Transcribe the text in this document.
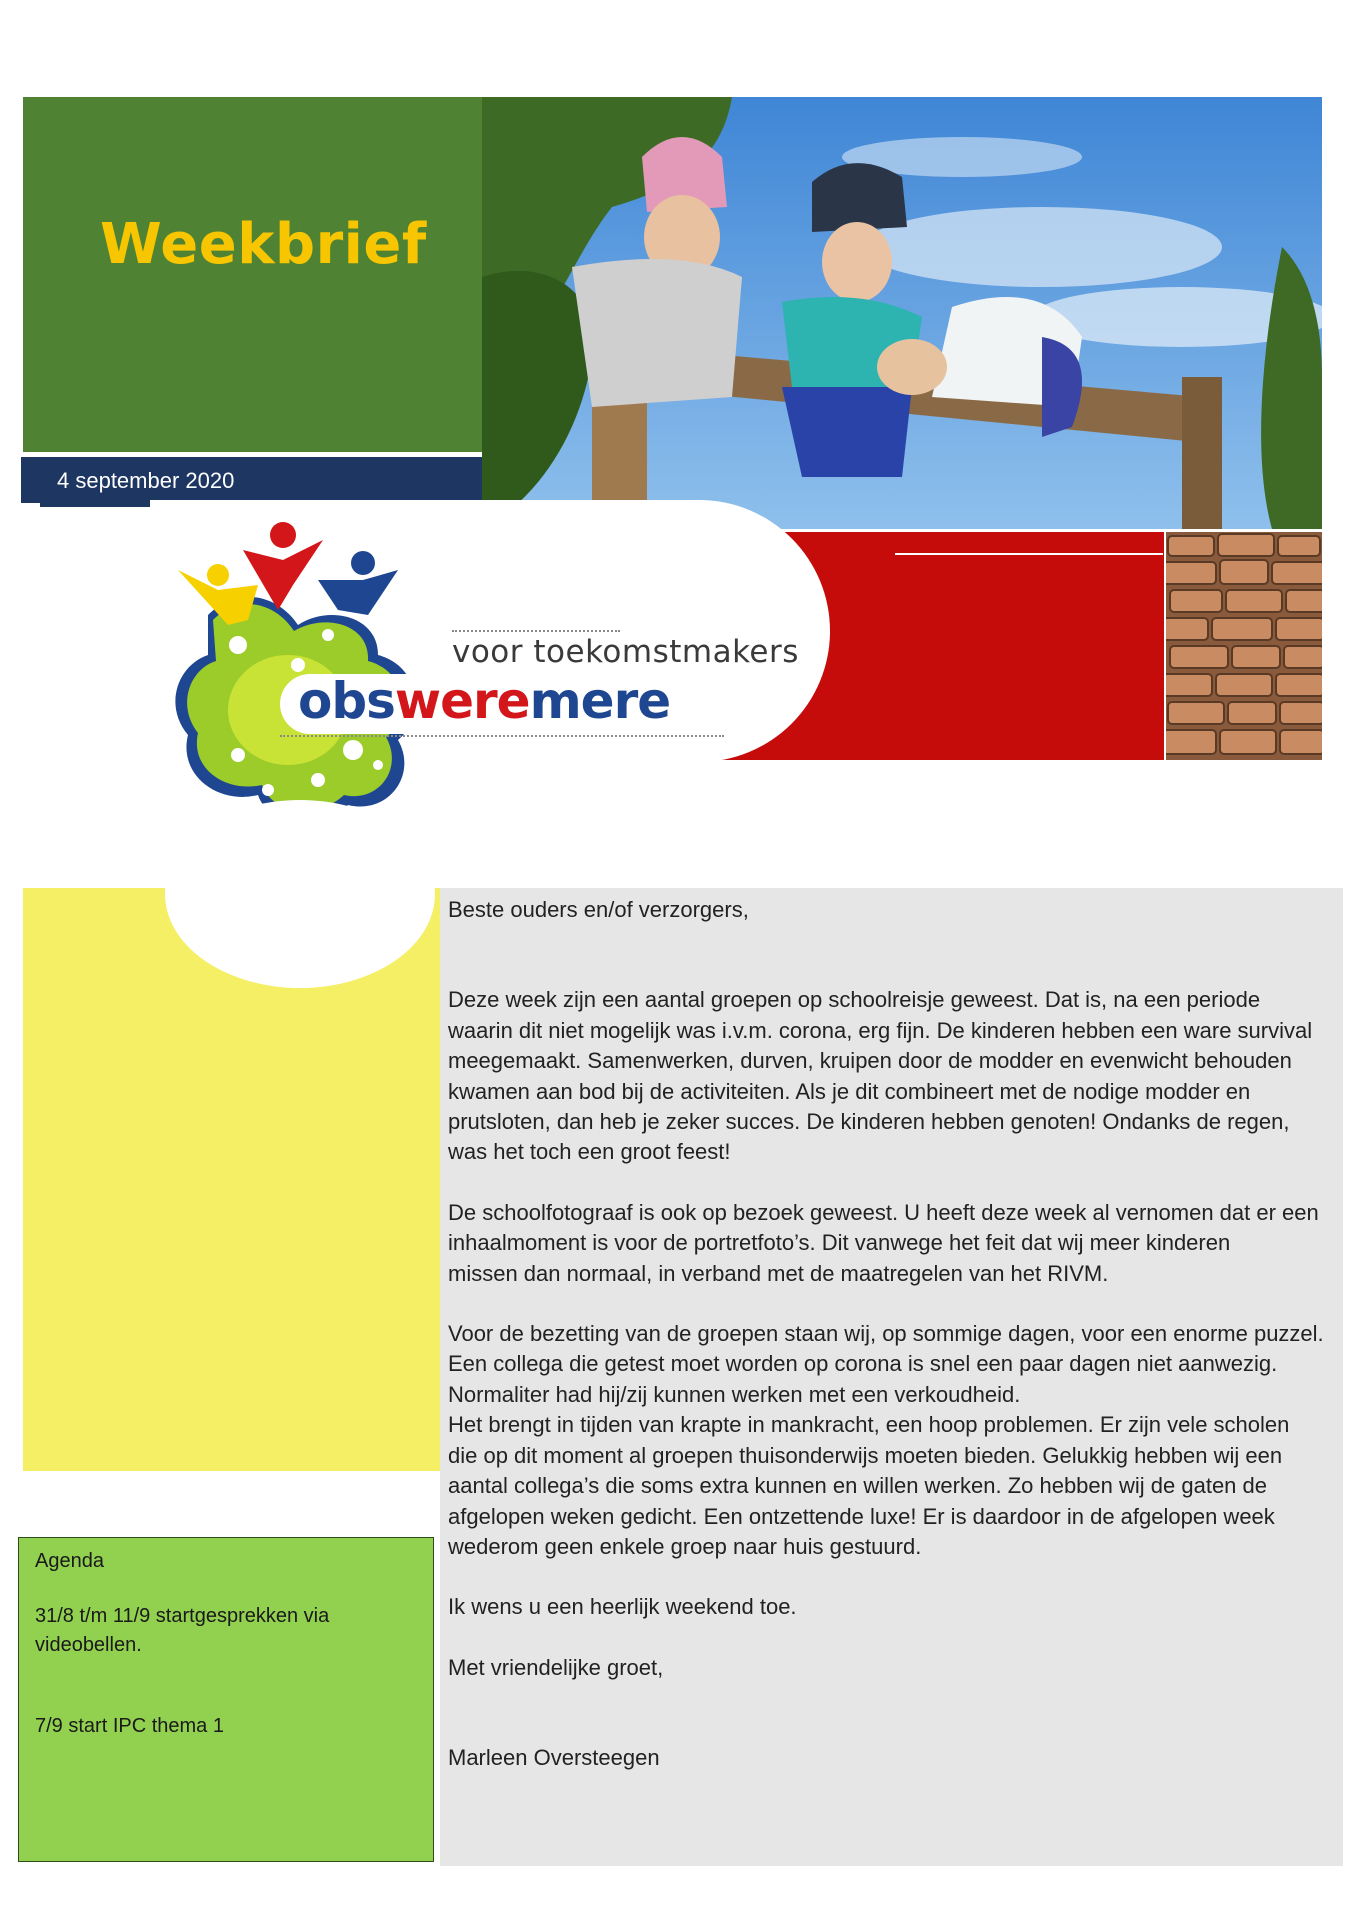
Weekbrief
4 september 2020
voor toekomstmakers
obsweremere
Agenda
31/8 t/m 11/9 startgesprekken via
videobellen.
7/9 start IPC thema 1

Beste ouders en/of verzorgers,

Deze week zijn een aantal groepen op schoolreisje geweest. Dat is, na een periode

waarin dit niet mogelijk was i.v.m. corona, erg fijn. De kinderen hebben een ware survival

meegemaakt. Samenwerken, durven, kruipen door de modder en evenwicht behouden

kwamen aan bod bij de activiteiten. Als je dit combineert met de nodige modder en

prutsloten, dan heb je zeker succes. De kinderen hebben genoten! Ondanks de regen,

was het toch een groot feest!

De schoolfotograaf is ook op bezoek geweest. U heeft deze week al vernomen dat er een

inhaalmoment is voor de portretfoto’s. Dit vanwege het feit dat wij meer kinderen

missen dan normaal, in verband met de maatregelen van het RIVM.

Voor de bezetting van de groepen staan wij, op sommige dagen, voor een enorme puzzel.

Een collega die getest moet worden op corona is snel een paar dagen niet aanwezig.

Normaliter had hij/zij kunnen werken met een verkoudheid.

Het brengt in tijden van krapte in mankracht, een hoop problemen. Er zijn vele scholen

die op dit moment al groepen thuisonderwijs moeten bieden. Gelukkig hebben wij een

aantal collega’s die soms extra kunnen en willen werken. Zo hebben wij de gaten de

afgelopen weken gedicht. Een ontzettende luxe! Er is daardoor in de afgelopen week

wederom geen enkele groep naar huis gestuurd.

Ik wens u een heerlijk weekend toe.

Met vriendelijke groet,

Marleen Oversteegen
